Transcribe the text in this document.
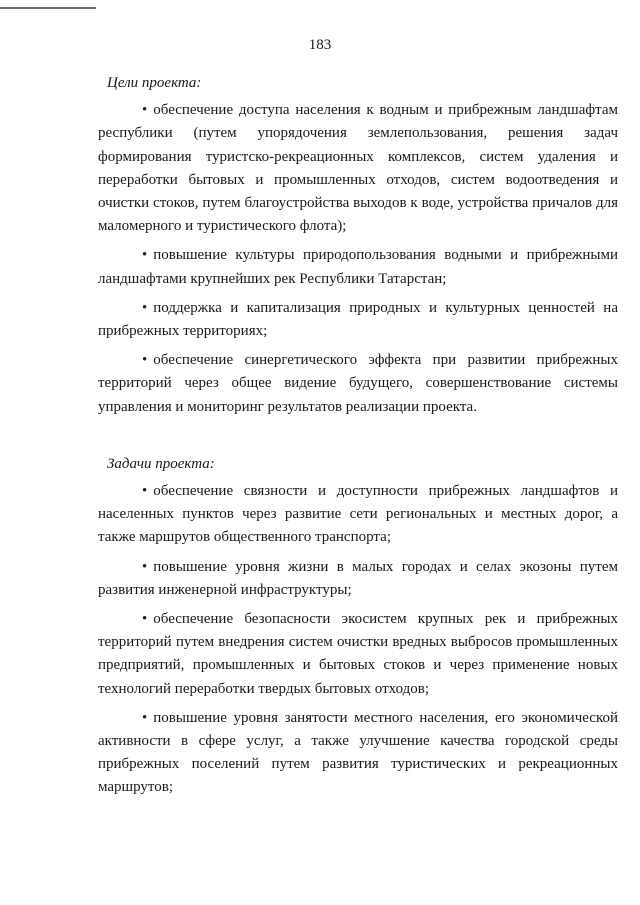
183

Цели проекта:

• обеспечение доступа населения к водным и прибрежным ландшафтам республики (путем упорядочения землепользования, решения задач формирования туристско-рекреационных комплексов, систем удаления и переработки бытовых и промышленных отходов, систем водоотведения и очистки стоков, путем благоустройства выходов к воде, устройства причалов для маломерного и туристического флота);

• повышение культуры природопользования водными и прибрежными ландшафтами крупнейших рек Республики Татарстан;

• поддержка и капитализация природных и культурных ценностей на прибрежных территориях;

• обеспечение синергетического эффекта при развитии прибрежных территорий через общее видение будущего, совершенствование системы управления и мониторинг результатов реализации проекта.

Задачи проекта:

• обеспечение связности и доступности прибрежных ландшафтов и населенных пунктов через развитие сети региональных и местных дорог, а также маршрутов общественного транспорта;

• повышение уровня жизни в малых городах и селах экозоны путем развития инженерной инфраструктуры;

• обеспечение безопасности экосистем крупных рек и прибрежных территорий путем внедрения систем очистки вредных выбросов промышленных предприятий, промышленных и бытовых стоков и через применение новых технологий переработки твердых бытовых отходов;

• повышение уровня занятости местного населения, его экономической активности в сфере услуг, а также улучшение качества городской среды прибрежных поселений путем развития туристических и рекреационных маршрутов;
